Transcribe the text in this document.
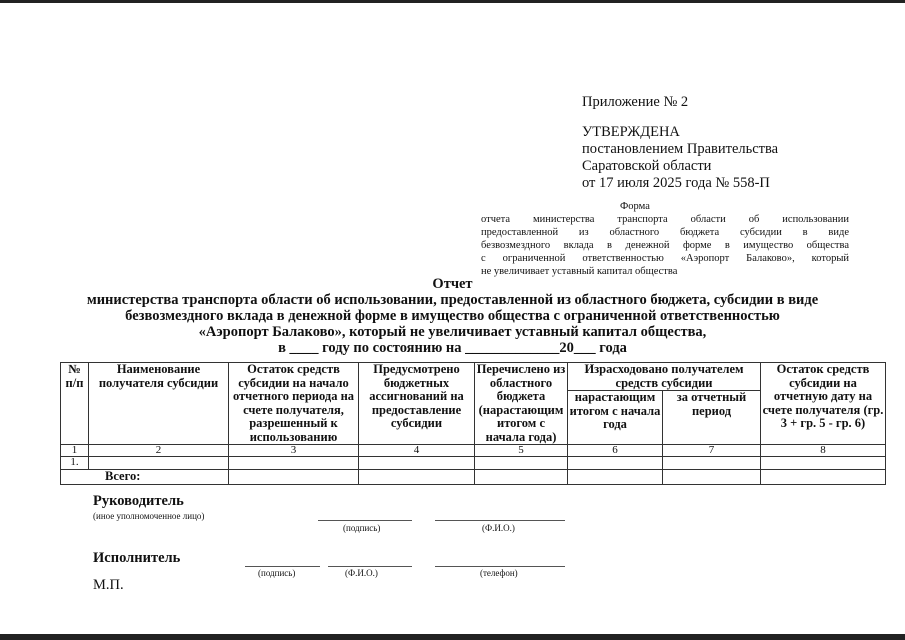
Приложение № 2
УТВЕРЖДЕНА
постановлением Правительства
Саратовской области
от 17 июля 2025 года № 558-П
Форма
отчета министерства транспорта области об использовании
предоставленной из областного бюджета субсидии в виде
безвозмездного вклада в денежной форме в имущество общества
с ограниченной ответственностью «Аэропорт Балаково», который
не увеличивает уставный капитал общества
Отчет
министерства транспорта области об использовании, предоставленной из областного бюджета, субсидии в виде
безвозмездного вклада в денежной форме в имущество общества с ограниченной ответственностью
«Аэропорт Балаково», который не увеличивает уставный капитал общества,
в ____ году по состоянию на _____________20___ года
№ п/п	Наименование получателя субсидии	Остаток средств субсидии на начало отчетного периода на счете получателя, разрешенный к использованию	Предусмотрено бюджетных ассигнований на предоставление субсидии	Перечислено из областного бюджета (нарастающим итогом с начала года)	Израсходовано получателем средств субсидии		Остаток средств субсидии на отчетную дату на счете получателя (гр. 3 + гр. 5 - гр. 6)
					нарастающим итогом с начала года	за отчетный период	
1	2	3	4	5	6	7	8
1.							
Всего:							
Руководитель
(иное уполномоченное лицо)
(подпись)	(Ф.И.О.)
Исполнитель
(подпись)	(Ф.И.О.)	(телефон)
М.П.
